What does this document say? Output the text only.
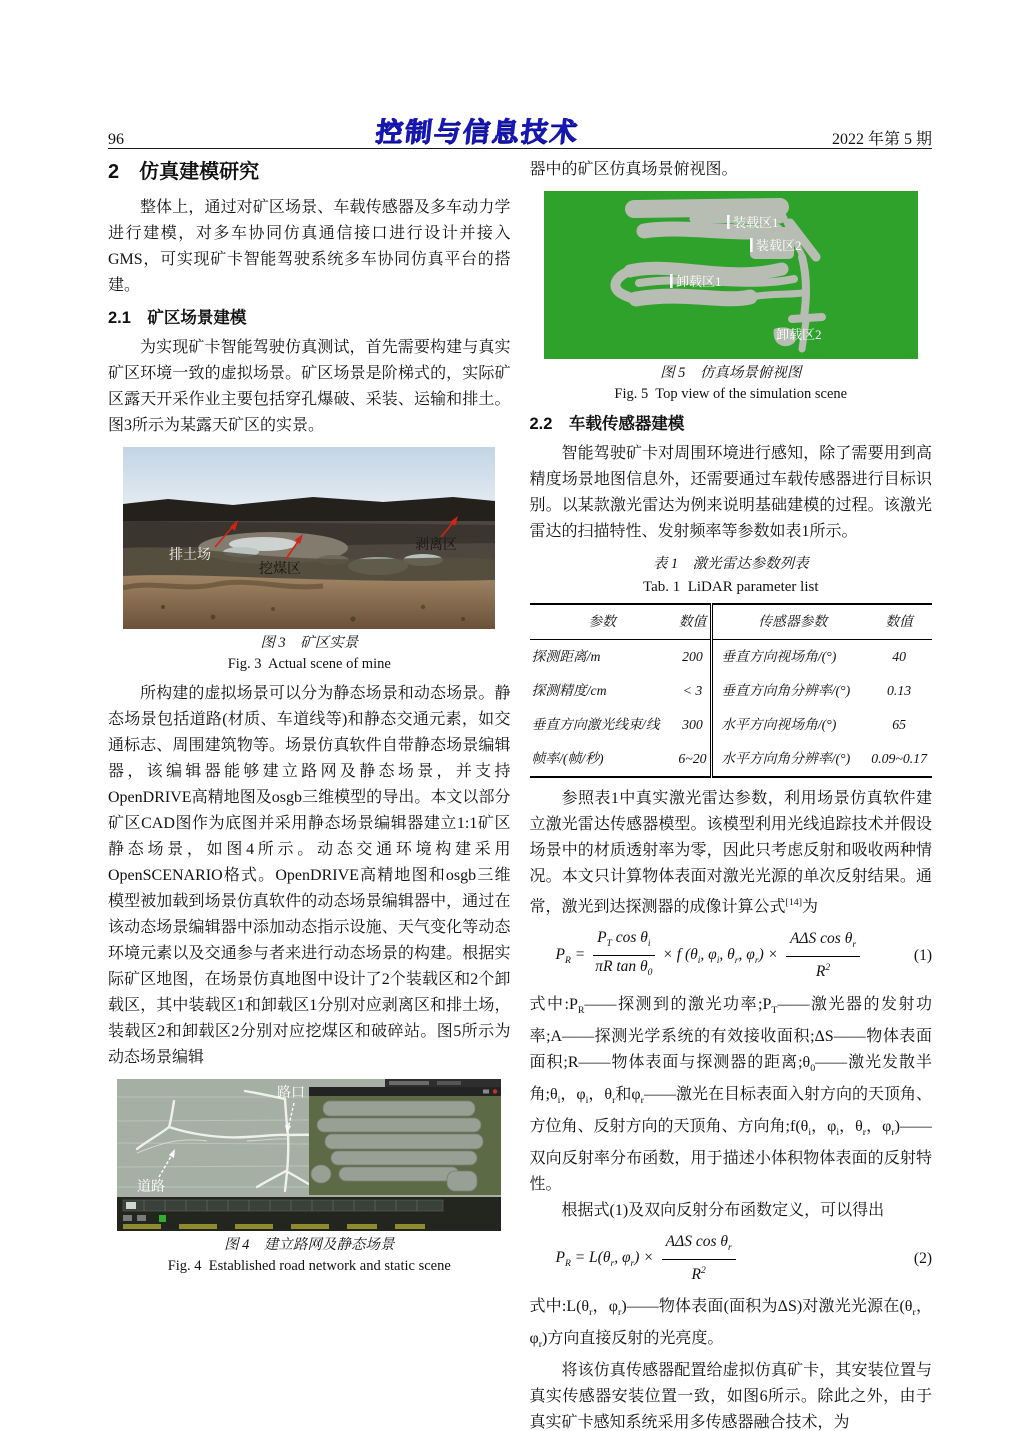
96	控制与信息技术	2022 年第 5 期
2　仿真建模研究

整体上，通过对矿区场景、车载传感器及多车动力学进行建模，对多车协同仿真通信接口进行设计并接入GMS，可实现矿卡智能驾驶系统多车协同仿真平台的搭建。

2.1　矿区场景建模

为实现矿卡智能驾驶仿真测试，首先需要构建与真实矿区环境一致的虚拟场景。矿区场景是阶梯式的，实际矿区露天开采作业主要包括穿孔爆破、采装、运输和排土。图3所示为某露天矿区的实景。

排土场
挖煤区
剥离区
图 3　矿区实景
Fig. 3  Actual scene of mine

所构建的虚拟场景可以分为静态场景和动态场景。静态场景包括道路(材质、车道线等)和静态交通元素，如交通标志、周围建筑物等。场景仿真软件自带静态场景编辑器，该编辑器能够建立路网及静态场景，并支持OpenDRIVE高精地图及osgb三维模型的导出。本文以部分矿区CAD图作为底图并采用静态场景编辑器建立1:1矿区静态场景，如图4所示。动态交通环境构建采用OpenSCENARIO格式。OpenDRIVE高精地图和osgb三维模型被加载到场景仿真软件的动态场景编辑器中，通过在该动态场景编辑器中添加动态指示设施、天气变化等动态环境元素以及交通参与者来进行动态场景的构建。根据实际矿区地图，在场景仿真地图中设计了2个装载区和2个卸载区，其中装载区1和卸载区1分别对应剥离区和排土场，装载区2和卸载区2分别对应挖煤区和破碎站。图5所示为动态场景编辑

路口
道路
图 4　建立路网及静态场景
Fig. 4  Established road network and static scene

器中的矿区仿真场景俯视图。

装载区1
装载区2
卸载区1
卸载区2
图 5　仿真场景俯视图
Fig. 5  Top view of the simulation scene
2.2　车载传感器建模

智能驾驶矿卡对周围环境进行感知，除了需要用到高精度场景地图信息外，还需要通过车载传感器进行目标识别。以某款激光雷达为例来说明基础建模的过程。该激光雷达的扫描特性、发射频率等参数如表1所示。

表 1　激光雷达参数列表
Tab. 1  LiDAR parameter list
参数	数值	传感器参数	数值
探测距离/m	200	垂直方向视场角/(°)	40
探测精度/cm	< 3	垂直方向角分辨率/(°)	0.13
垂直方向激光线束/线	300	水平方向视场角/(°)	65
帧率/(帧/秒)	6~20	水平方向角分辨率/(°)	0.09~0.17

参照表1中真实激光雷达参数，利用场景仿真软件建立激光雷达传感器模型。该模型利用光线追踪技术并假设场景中的材质透射率为零，因此只考虑反射和吸收两种情况。本文只计算物体表面对激光光源的单次反射结果。通常，激光到达探测器的成像计算公式[14]为

$P_R = \frac{P_T \cos \theta_i}{\pi R \tan \theta_0} \times f$ ($\theta_i$, $\varphi_i$, $\theta_r$, $\varphi_r) \times \frac{A\Delta S \cos \theta_r}{R^2}$	(1)

式中$:P_R——$探测到的激光功率$;P_T——$激光器的发射功率;A——探测光学系统的有效接收面积;ΔS——物体表面面积;R——物体表面与探测器的距离$;\theta_0——$激光发散半角$;\theta_i$，$\varphi_i$，$\theta_r$和$\varphi_r——$激光在目标表面入射方向的天顶角、方位角、反射方向的天顶角、方向角$;f(\theta_i$，$\varphi_i$，$\theta_r$，$\varphi_r)——$双向反射率分布函数，用于描述小体积物体表面的反射特性。

根据式(1)及双向反射分布函数定义，可以得出

$P_R = L(\theta_r$, $\varphi_r) \times \frac{A\Delta S \cos \theta_r}{R^2}$	(2)

式中$:L(\theta_r$，$\varphi_r)——$物体表面(面积为ΔS)对激光光源在($\theta_r$，$\varphi_r$)方向直接反射的光亮度。

将该仿真传感器配置给虚拟仿真矿卡，其安装位置与真实传感器安装位置一致，如图6所示。除此之外，由于真实矿卡感知系统采用多传感器融合技术，为
